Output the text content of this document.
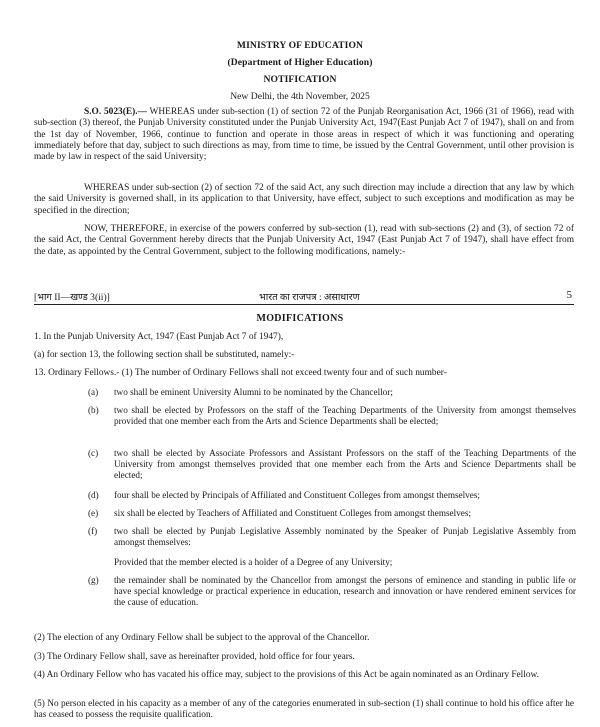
MINISTRY OF EDUCATION
(Department of Higher Education)
NOTIFICATION
New Delhi, the 4th November, 2025
S.O. 5023(E).— WHEREAS under sub-section (1) of section 72 of the Punjab Reorganisation Act, 1966 (31 of 1966), read with sub-section (3) thereof, the Punjab University constituted under the Punjab University Act, 1947(East Punjab Act 7 of 1947), shall on and from the 1st day of November, 1966, continue to function and operate in those areas in respect of which it was functioning and operating immediately before that day, subject to such directions as may, from time to time, be issued by the Central Government, until other provision is made by law in respect of the said University;
WHEREAS under sub-section (2) of section 72 of the said Act, any such direction may include a direction that any law by which the said University is governed shall, in its application to that University, have effect, subject to such exceptions and modification as may be specified in the direction;
NOW, THEREFORE, in exercise of the powers conferred by sub-section (1), read with sub-sections (2) and (3), of section 72 of the said Act, the Central Government hereby directs that the Punjab University Act, 1947 (East Punjab Act 7 of 1947), shall have effect from the date, as appointed by the Central Government, subject to the following modifications, namely:-
[भाग II—खण्ड 3(ii)]	भारत का राजपत्र : असाधारण	5
MODIFICATIONS
1. In the Punjab University Act, 1947 (East Punjab Act 7 of 1947),
(a) for section 13, the following section shall be substituted, namely:-
13. Ordinary Fellows.- (1) The number of Ordinary Fellows shall not exceed twenty four and of such number-
(a)	two shall be eminent University Alumni to be nominated by the Chancellor;
(b)	two shall be elected by Professors on the staff of the Teaching Departments of the University from amongst themselves provided that one member each from the Arts and Science Departments shall be elected;
(c)	two shall be elected by Associate Professors and Assistant Professors on the staff of the Teaching Departments of the University from amongst themselves provided that one member each from the Arts and Science Departments shall be elected;
(d)	four shall be elected by Principals of Affiliated and Constituent Colleges from amongst themselves;
(e)	six shall be elected by Teachers of Affiliated and Constituent Colleges from amongst themselves;
(f)	two shall be elected by Punjab Legislative Assembly nominated by the Speaker of Punjab Legislative Assembly from amongst themselves:
Provided that the member elected is a holder of a Degree of any University;
(g)	the remainder shall be nominated by the Chancellor from amongst the persons of eminence and standing in public life or have special knowledge or practical experience in education, research and innovation or have rendered eminent services for the cause of education.
(2) The election of any Ordinary Fellow shall be subject to the approval of the Chancellor.
(3) The Ordinary Fellow shall, save as hereinafter provided, hold office for four years.
(4) An Ordinary Fellow who has vacated his office may, subject to the provisions of this Act be again nominated as an Ordinary Fellow.
(5) No person elected in his capacity as a member of any of the categories enumerated in sub-section (1) shall continue to hold his office after he has ceased to possess the requisite qualification.
